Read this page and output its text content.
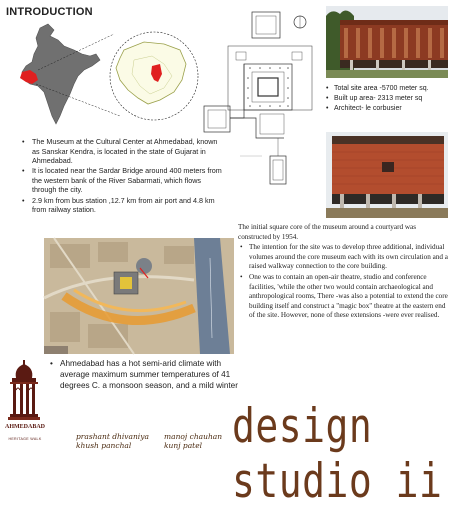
INTRODUCTION
• Total site area -5700 meter sq.
• Built up area- 2313 meter sq
• Architect- le corbusier
• The Museum at the Cultural Center at Ahmedabad, known as Sanskar Kendra, is located in the state of Gujarat in Ahmedabad.
• It is located near the Sardar Bridge around 400 meters from the western bank of the River Sabarmati, which flows through the city.
• 2.9 km from bus station ,12.7 km from air port and 4.8 km from railway station.
The initial square core of the museum around a courtyard was constructed by 1954.
• The intention for the site was to develop three additional, individual volumes around the core museum each with its own circulation and a raised walkway connection to the core building.
• One was to contain an open-air theatre, studio and conference facilities, 'while the other two would contain archaeological and anthropological rooms, There -was also a potential to extend the core building itself and construct a "magic box" theatre at the eastern end of the site. However, none of these extensions -were ever realised.
• Ahmedabad has a hot semi-arid climate with average maximum summer temperatures of 41 degrees C. a monsoon season, and a mild winter
AHMEDABAD
HERITAGE WALK	prashant dhivaniya
khush panchal
manoj chauhan
kunj patel design studio ii
